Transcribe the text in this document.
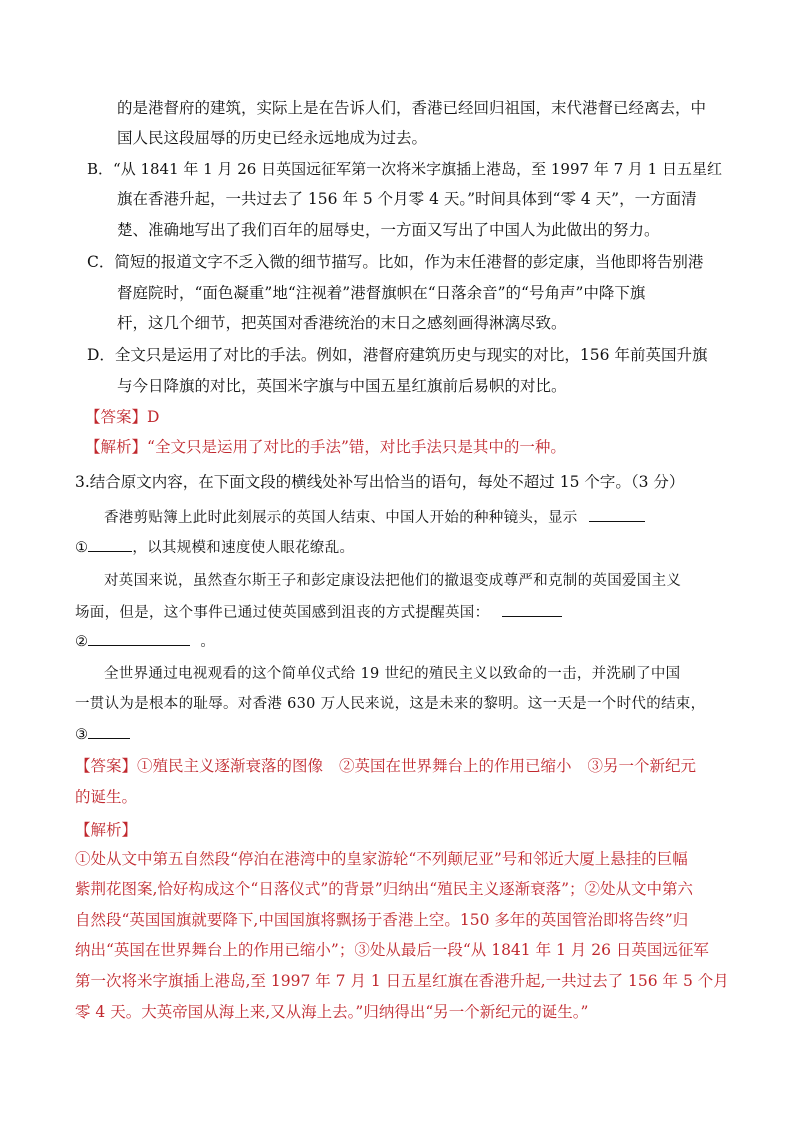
的是港督府的建筑，实际上是在告诉人们，香港已经回归祖国，末代港督已经离去，中
国人民这段屈辱的历史已经永远地成为过去。
B．“从 1841 年 1 月 26 日英国远征军第一次将米字旗插上港岛，至 1997 年 7 月 1 日五星红
旗在香港升起，一共过去了 156 年 5 个月零 4 天。”时间具体到“零 4 天”，一方面清
楚、准确地写出了我们百年的屈辱史，一方面又写出了中国人为此做出的努力。
C．简短的报道文字不乏入微的细节描写。比如，作为末任港督的彭定康，当他即将告别港
督庭院时，“面色凝重”地“注视着”港督旗帜在“日落余音”的“号角声”中降下旗
杆，这几个细节，把英国对香港统治的末日之感刻画得淋漓尽致。
D．全文只是运用了对比的手法。例如，港督府建筑历史与现实的对比，156 年前英国升旗
与今日降旗的对比，英国米字旗与中国五星红旗前后易帜的对比。
【答案】D
【解析】“全文只是运用了对比的手法”错，对比手法只是其中的一种。
3.结合原文内容，在下面文段的横线处补写出恰当的语句，每处不超过 15 个字。（3 分）
香港剪贴簿上此时此刻展示的英国人结束、中国人开始的种种镜头，显示
①	，以其规模和速度使人眼花缭乱。
对英国来说，虽然查尔斯王子和彭定康设法把他们的撤退变成尊严和克制的英国爱国主义
场面，但是，这个事件已通过使英国感到沮丧的方式提醒英国：
②	。
全世界通过电视观看的这个简单仪式给 19 世纪的殖民主义以致命的一击，并洗刷了中国
一贯认为是根本的耻辱。对香港 630 万人民来说，这是未来的黎明。这一天是一个时代的结束，
③
【答案】①殖民主义逐渐衰落的图像 ②英国在世界舞台上的作用已缩小 ③另一个新纪元
的诞生。
【解析】
①处从文中第五自然段“停泊在港湾中的皇家游轮“不列颠尼亚”号和邻近大厦上悬挂的巨幅
紫荆花图案,恰好构成这个“日落仪式”的背景”归纳出“殖民主义逐渐衰落”；②处从文中第六
自然段“英国国旗就要降下,中国国旗将飘扬于香港上空。150 多年的英国管治即将告终”归
纳出“英国在世界舞台上的作用已缩小”；③处从最后一段“从 1841 年 1 月 26 日英国远征军
第一次将米字旗插上港岛,至 1997 年 7 月 1 日五星红旗在香港升起,一共过去了 156 年 5 个月
零 4 天。大英帝国从海上来,又从海上去。”归纳得出“另一个新纪元的诞生。”
